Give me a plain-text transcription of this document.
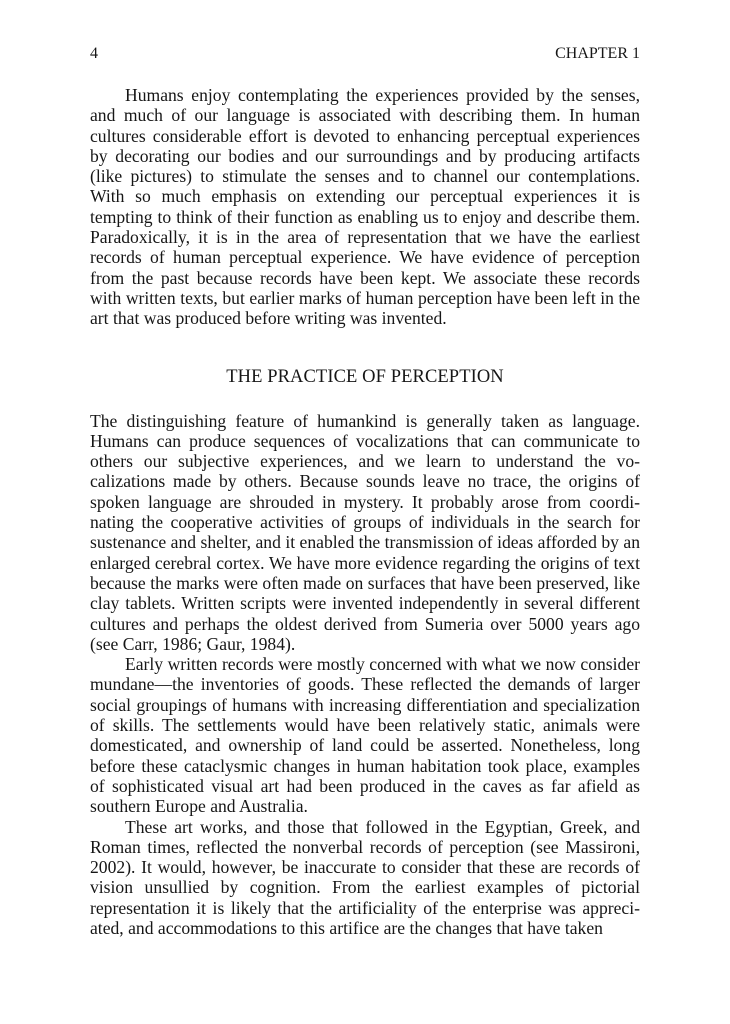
4	CHAPTER 1

Humans enjoy contemplating the experiences provided by the senses, and much of our language is associated with describing them. In human cultures considerable effort is devoted to enhancing perceptual experiences by decorating our bodies and our surroundings and by producing artifacts (like pictures) to stimulate the senses and to channel our contemplations. With so much emphasis on extending our perceptual experiences it is tempting to think of their function as enabling us to enjoy and describe them. Paradoxically, it is in the area of representation that we have the earliest records of human perceptual experience. We have evidence of perception from the past because records have been kept. We associate these records with written texts, but earlier marks of human perception have been left in the art that was produced before writing was invented.

THE PRACTICE OF PERCEPTION

The distinguishing feature of humankind is generally taken as language. Humans can produce sequences of vocalizations that can communicate to others our subjective experiences, and we learn to understand the vocalizations made by others. Because sounds leave no trace, the origins of spoken language are shrouded in mystery. It probably arose from coordinating the cooperative activities of groups of individuals in the search for sustenance and shelter, and it enabled the transmission of ideas afforded by an enlarged cerebral cortex. We have more evidence regarding the origins of text because the marks were often made on surfaces that have been preserved, like clay tablets. Written scripts were invented independently in several different cultures and perhaps the oldest derived from Sumeria over 5000 years ago (see Carr, 1986; Gaur, 1984).

Early written records were mostly concerned with what we now consider mundane—the inventories of goods. These reflected the demands of larger social groupings of humans with increasing differentiation and specialization of skills. The settlements would have been relatively static, animals were domesticated, and ownership of land could be asserted. Nonetheless, long before these cataclysmic changes in human habitation took place, examples of sophisticated visual art had been produced in the caves as far afield as southern Europe and Australia.

These art works, and those that followed in the Egyptian, Greek, and Roman times, reflected the nonverbal records of perception (see Massironi, 2002). It would, however, be inaccurate to consider that these are records of vision unsullied by cognition. From the earliest examples of pictorial representation it is likely that the artificiality of the enterprise was appreciated, and accommodations to this artifice are the changes that have taken
